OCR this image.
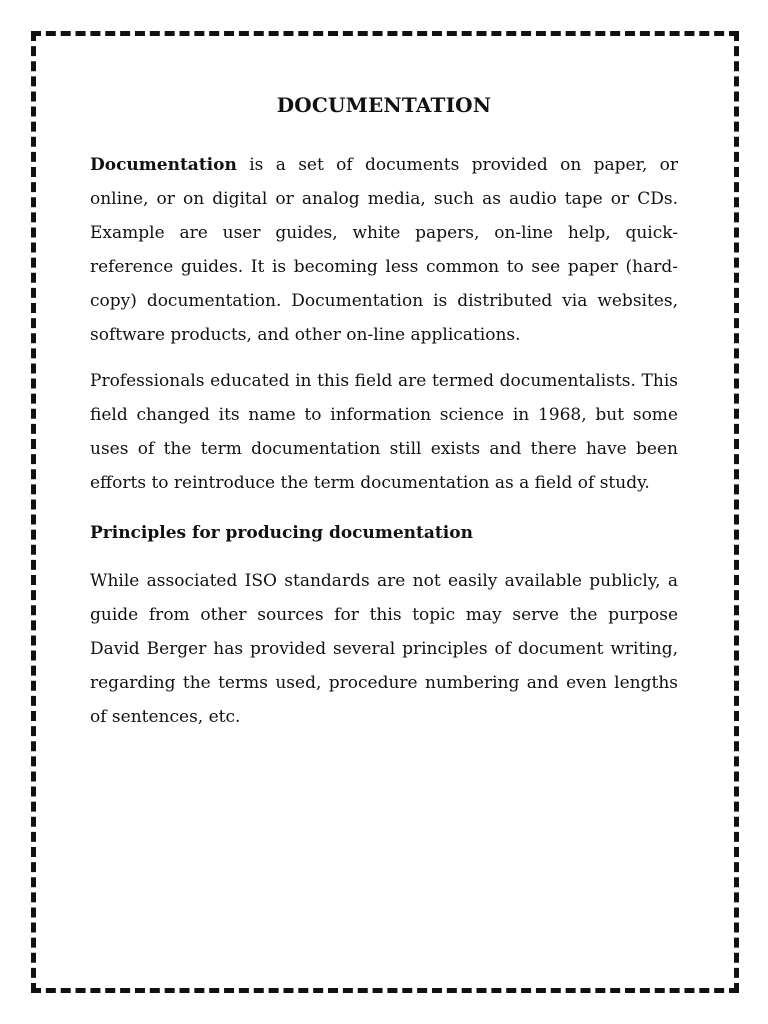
DOCUMENTATION

Documentation is a set of documents provided on paper, or online, or on digital or analog media, such as audio tape or CDs. Example are user guides, white papers, on-line help, quick-reference guides. It is becoming less common to see paper (hard-copy) documentation. Documentation is distributed via websites, software products, and other on-line applications.

Professionals educated in this field are termed documentalists. This field changed its name to information science in 1968, but some uses of the term documentation still exists and there have been efforts to reintroduce the term documentation as a field of study.

Principles for producing documentation

While associated ISO standards are not easily available publicly, a guide from other sources for this topic may serve the purpose David Berger has provided several principles of document writing, regarding the terms used, procedure numbering and even lengths of sentences, etc.
